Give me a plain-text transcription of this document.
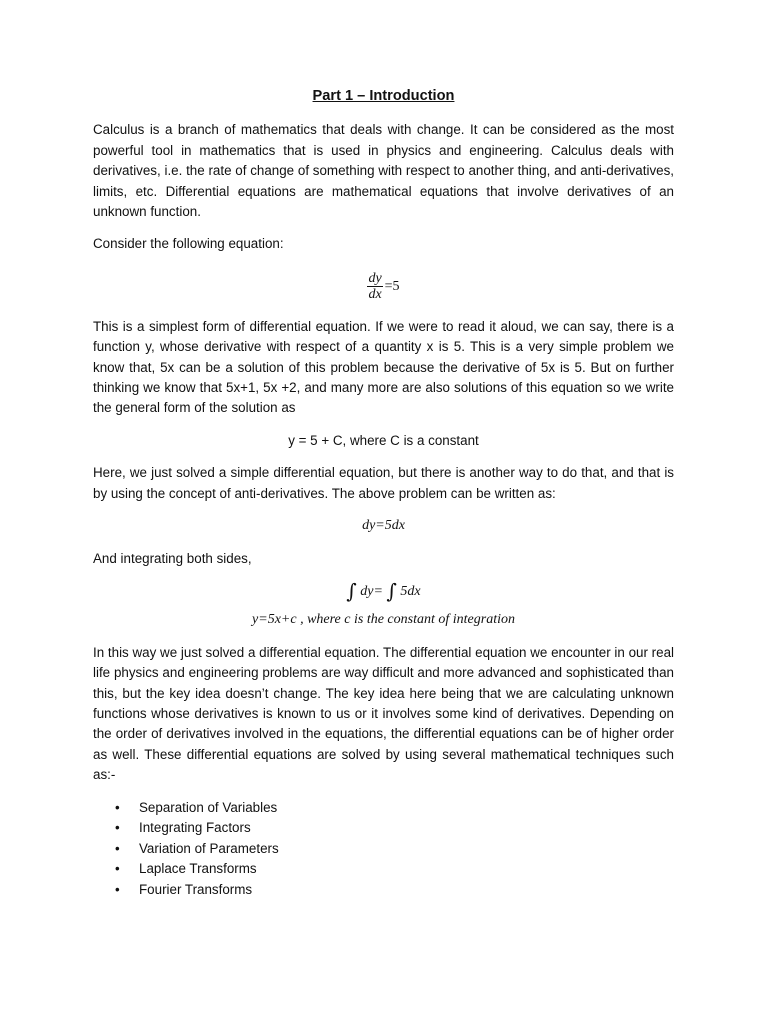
Part 1 – Introduction

Calculus is a branch of mathematics that deals with change. It can be considered as the most powerful tool in mathematics that is used in physics and engineering. Calculus deals with derivatives, i.e. the rate of change of something with respect to another thing, and anti-derivatives, limits, etc. Differential equations are mathematical equations that involve derivatives of an unknown function.

Consider the following equation:

$\frac{dy}{dx} =5$

This is a simplest form of differential equation. If we were to read it aloud, we can say, there is a function y, whose derivative with respect of a quantity x is 5. This is a very simple problem we know that, 5x can be a solution of this problem because the derivative of 5x is 5. But on further thinking we know that 5x+1, 5x +2, and many more are also solutions of this equation so we write the general form of the solution as

y = 5 + C, where C is a constant

Here, we just solved a simple differential equation, but there is another way to do that, and that is by using the concept of anti-derivatives. The above problem can be written as:

dy=5dx

And integrating both sides,

∫ dy= ∫ 5dx
y=5x+c , where c is the constant of integration

In this way we just solved a differential equation. The differential equation we encounter in our real life physics and engineering problems are way difficult and more advanced and sophisticated than this, but the key idea doesn’t change. The key idea here being that we are calculating unknown functions whose derivatives is known to us or it involves some kind of derivatives. Depending on the order of derivatives involved in the equations, the differential equations can be of higher order as well. These differential equations are solved by using several mathematical techniques such as:-

• Separation of Variables
• Integrating Factors
• Variation of Parameters
• Laplace Transforms
• Fourier Transforms
